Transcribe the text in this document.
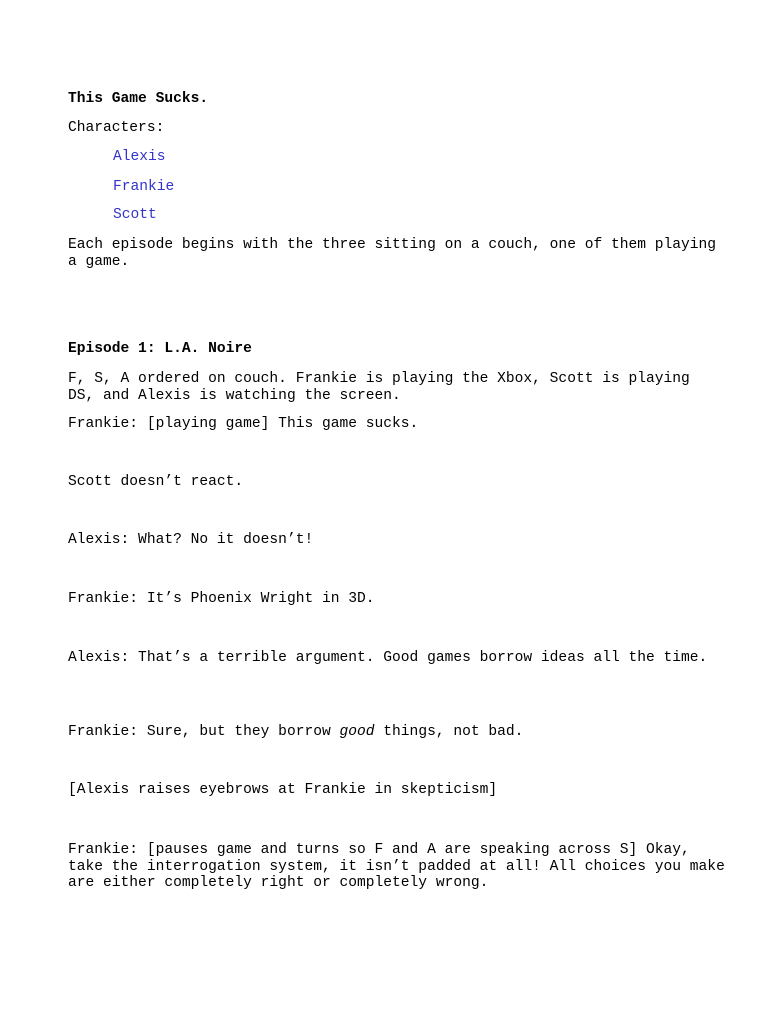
This Game Sucks.

Characters:

Alexis

Frankie

Scott

Each episode begins with the three sitting on a couch, one of them playing a game.

Episode 1: L.A. Noire

F, S, A ordered on couch. Frankie is playing the Xbox, Scott is playing DS, and Alexis is watching the screen.

Frankie: [playing game] This game sucks.

Scott doesn’t react.

Alexis: What? No it doesn’t!

Frankie: It’s Phoenix Wright in 3D.

Alexis: That’s a terrible argument. Good games borrow ideas all the time.

Frankie: Sure, but they borrow good things, not bad.

[Alexis raises eyebrows at Frankie in skepticism]

Frankie: [pauses game and turns so F and A are speaking across S] Okay, take the interrogation system, it isn’t padded at all! All choices you make are either completely right or completely wrong.
